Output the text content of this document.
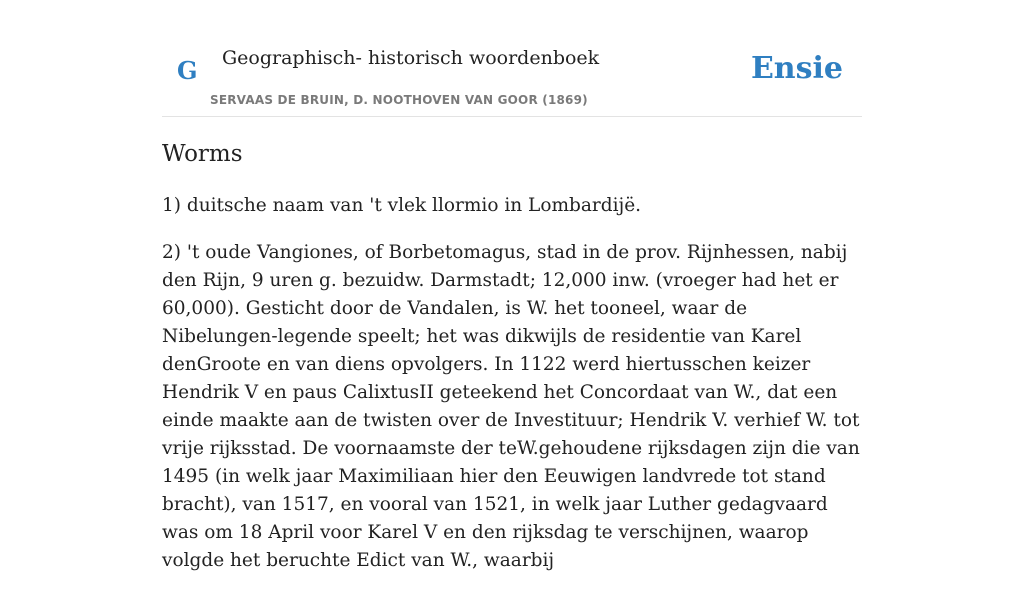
G Geographisch- historisch woordenboek
SERVAAS DE BRUIN, D. NOOTHOVEN VAN GOOR (1869)
Ensie
Worms

1) duitsche naam van 't vlek llormio in Lombardijë.

2) 't oude Vangiones, of Borbetomagus, stad in de prov. Rijnhessen, nabij den Rijn, 9 uren g. bezuidw. Darmstadt; 12,000 inw. (vroeger had het er 60,000). Gesticht door de Vandalen, is W. het tooneel, waar de Nibelungen-legende speelt; het was dikwijls de residentie van Karel denGroote en van diens opvolgers. In 1122 werd hiertusschen keizer Hendrik V en paus CalixtusII geteekend het Concordaat van W., dat een einde maakte aan de twisten over de Investituur; Hendrik V. verhief W. tot vrije rijksstad. De voornaamste der teW.gehoudene rijksdagen zijn die van 1495 (in welk jaar Maximiliaan hier den Eeuwigen landvrede tot stand bracht), van 1517, en vooral van 1521, in welk jaar Luther gedagvaard was om 18 April voor Karel V en den rijksdag te verschijnen, waarop volgde het beruchte Edict van W., waarbij
